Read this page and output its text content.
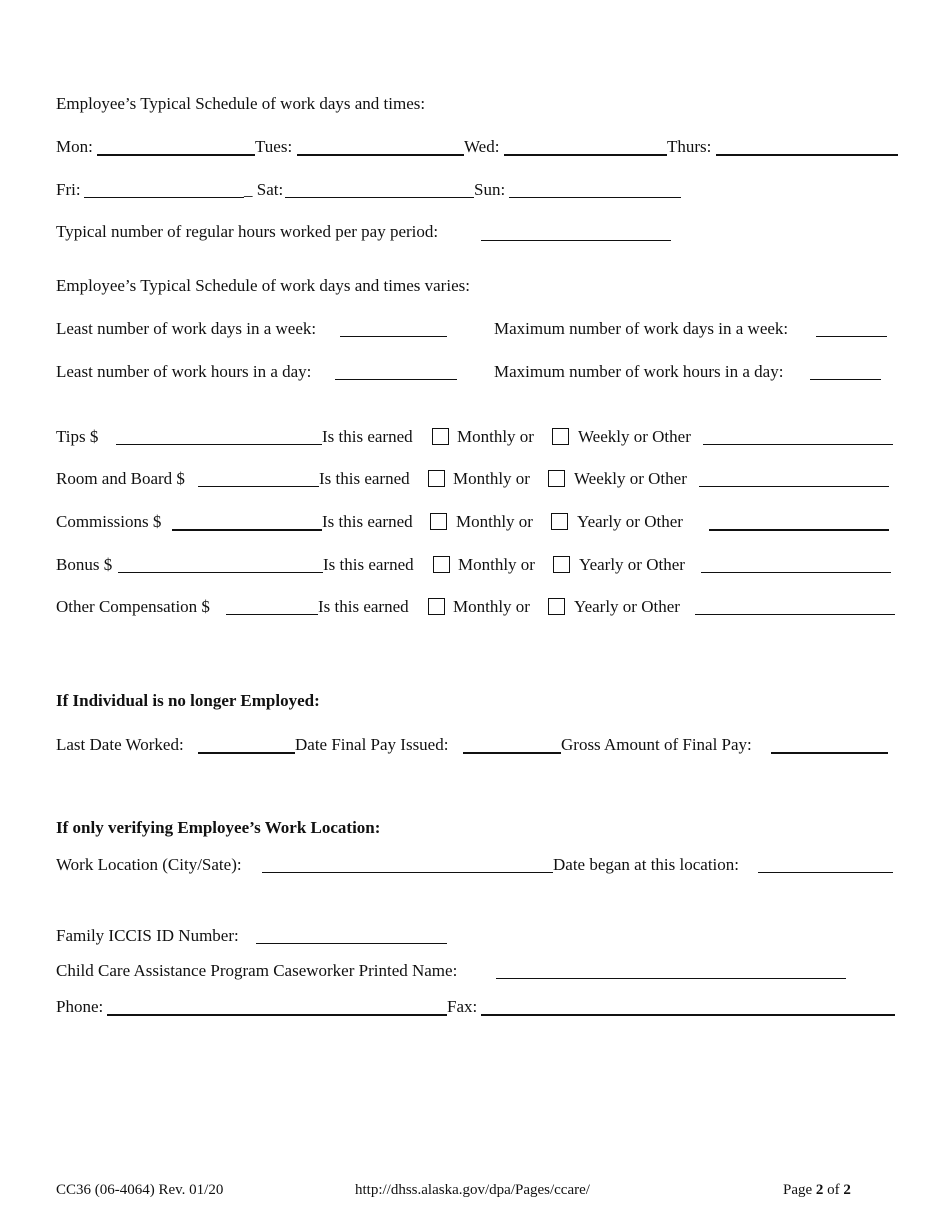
Employee’s Typical Schedule of work days and times:
Mon:	Tues:	Wed:	Thurs:
Fri:	_ Sat:	Sun:
Typical number of regular hours worked per pay period:
Employee’s Typical Schedule of work days and times varies:
Least number of work days in a week:	Maximum number of work days in a week:
Least number of work hours in a day:	Maximum number of work hours in a day:
Tips $	Is this earned	Monthly or	Weekly or Other
Room and Board $	Is this earned	Monthly or	Weekly or Other
Commissions $	Is this earned	Monthly or	Yearly or Other
Bonus $	Is this earned	Monthly or	Yearly or Other
Other Compensation $	Is this earned	Monthly or	Yearly or Other
If Individual is no longer Employed:
Last Date Worked:	Date Final Pay Issued:	Gross Amount of Final Pay:
If only verifying Employee’s Work Location:
Work Location (City/Sate):	Date began at this location:
Family ICCIS ID Number:
Child Care Assistance Program Caseworker Printed Name:
Phone:	Fax:
CC36 (06-4064) Rev. 01/20	http://dhss.alaska.gov/dpa/Pages/ccare/	Page 2 of 2
